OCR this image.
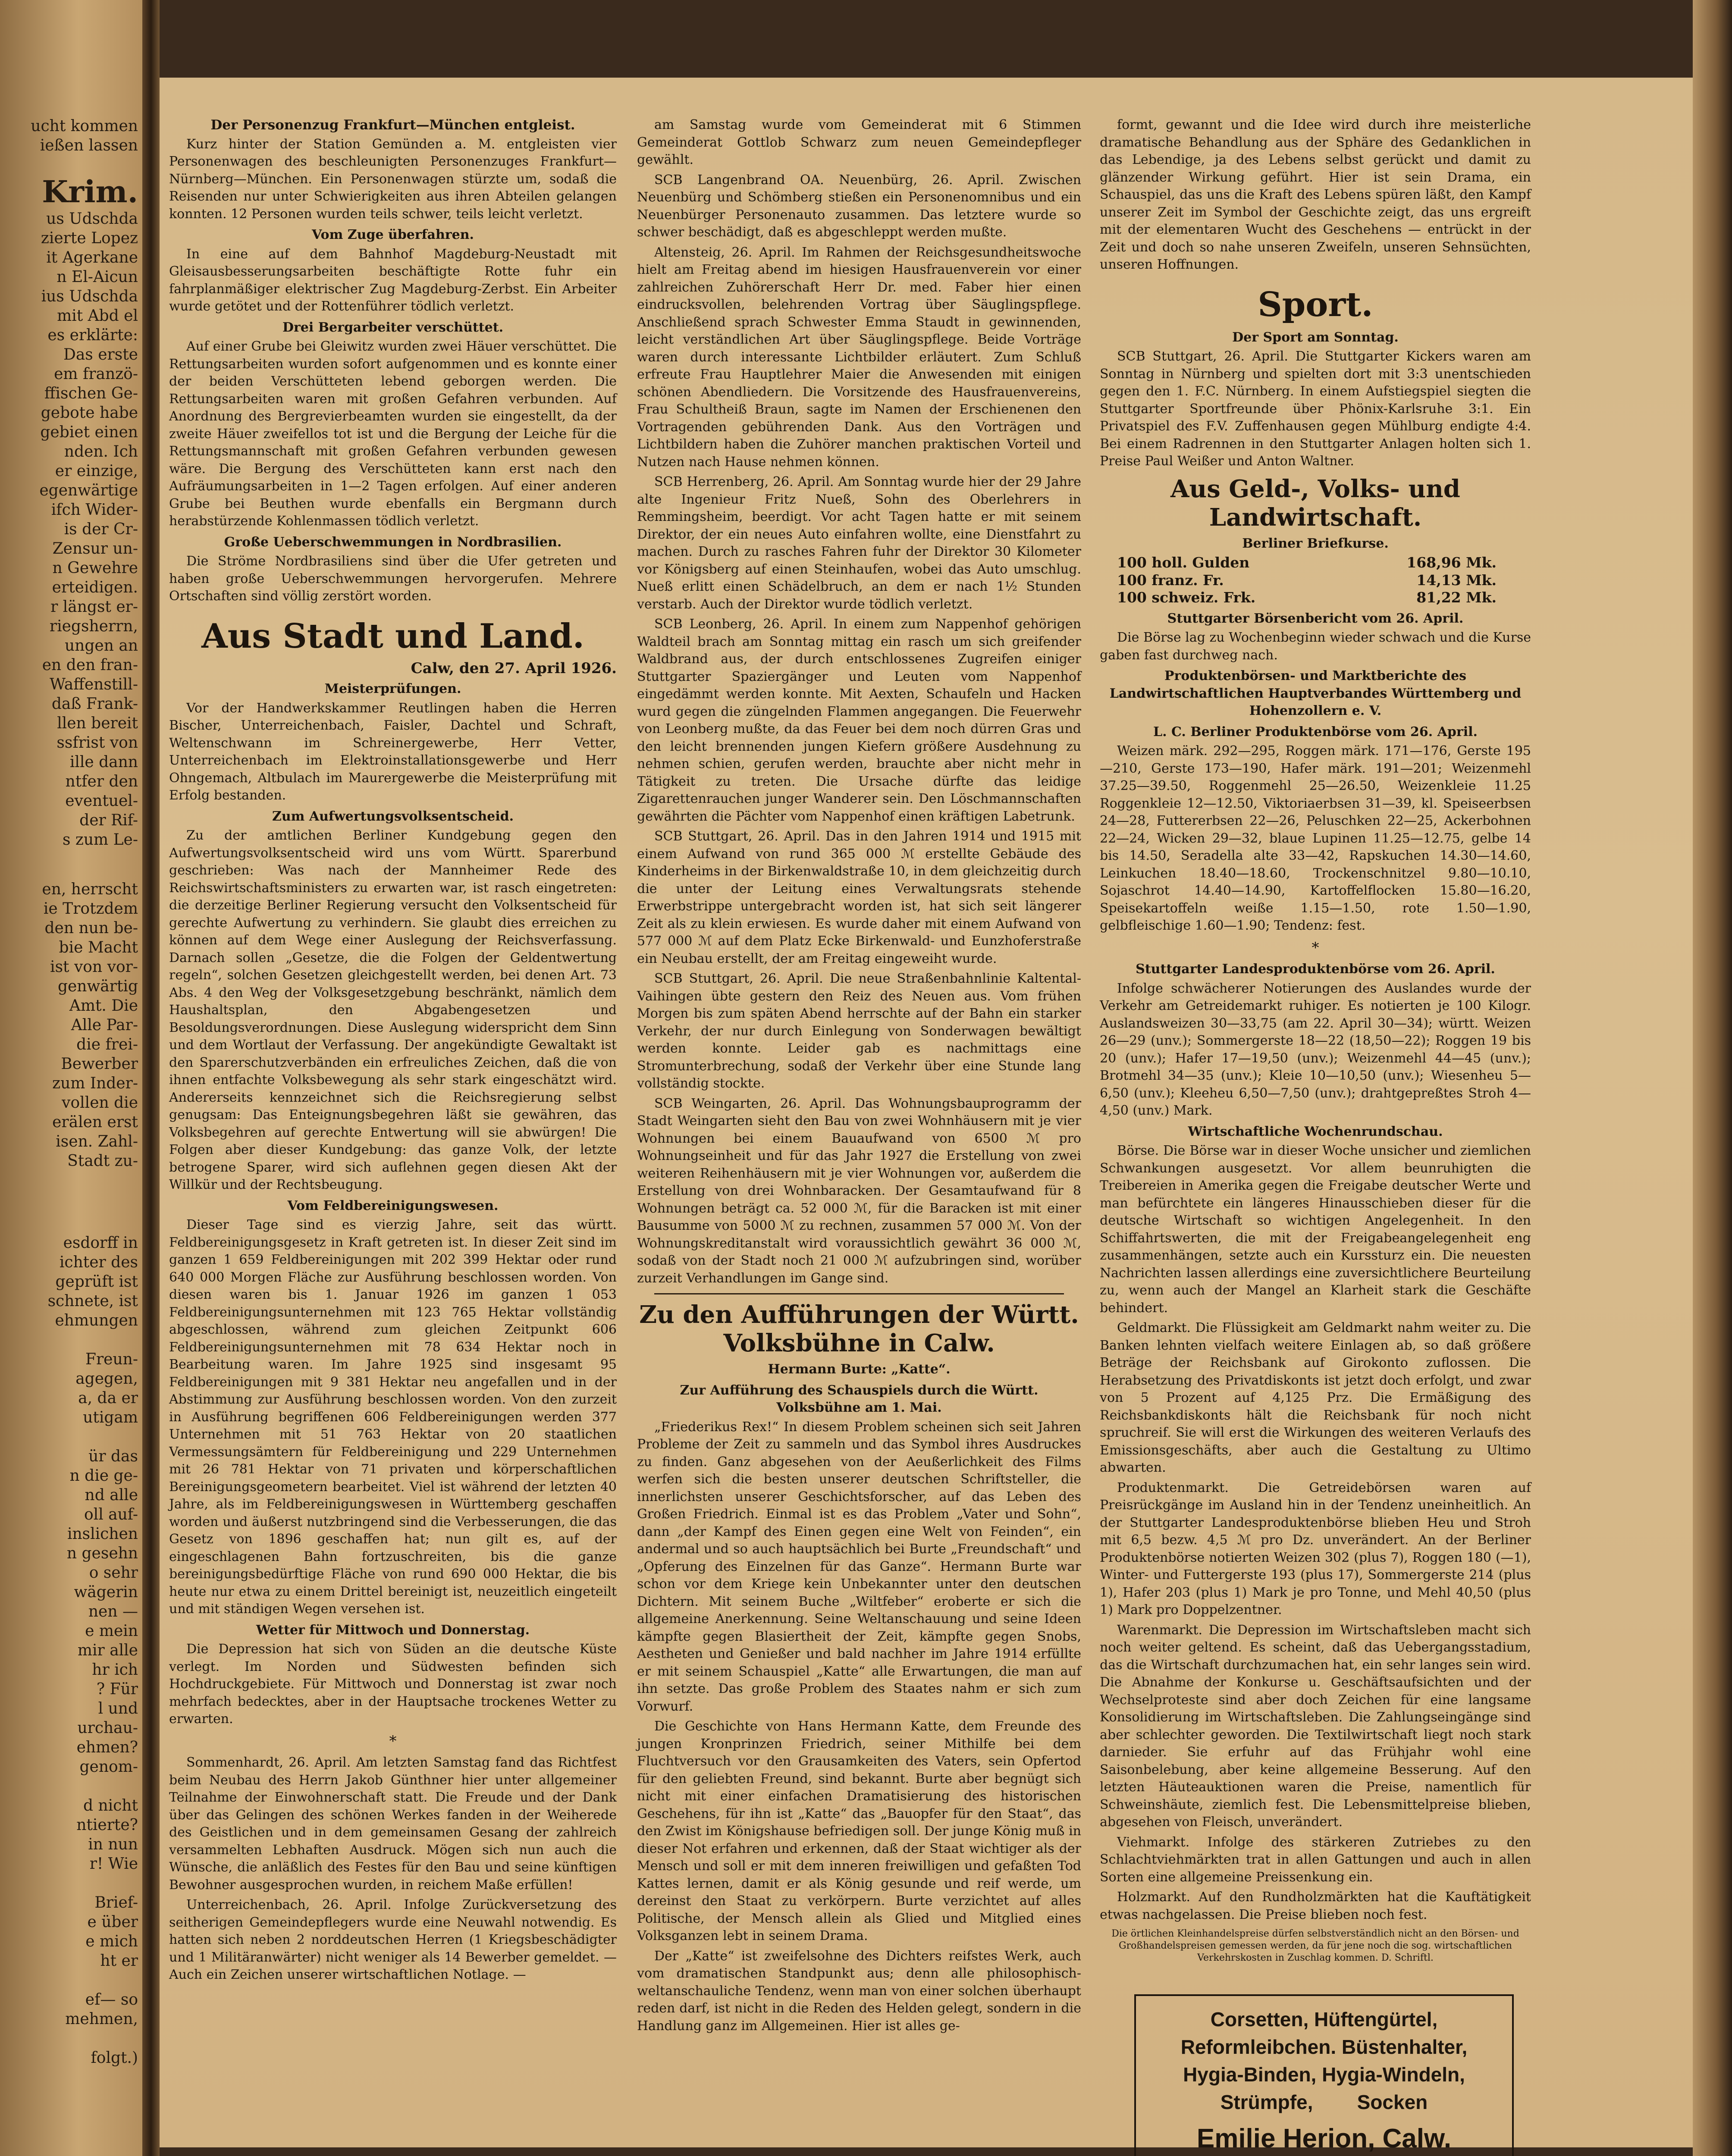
ucht kommen
ießen lassen

Krim.
us Udschda
zierte Lopez
it Agerkane
n El-Aicun
ius Udschda
mit Abd el
es erklärte:
Das erste
em franzö-
ffischen Ge-
gebote habe
gebiet einen
nden. Ich
er einzige,
egenwärtige
ifch Wider-
is der Cr-
Zensur un-
n Gewehre
erteidigen.
r längst er-
riegsherrn,
ungen an
en den fran-
Waffenstill-
daß Frank-
llen bereit
ssfrist von
ille dann
ntfer den
eventuel-
der Rif-
s zum Le-
en, herrscht
ie Trotzdem
den nun be-
bie Macht
ist von vor-
genwärtig
Amt. Die
Alle Par-
die frei-
Bewerber
zum Inder-
vollen die
erälen erst
isen. Zahl-
Stadt zu-
esdorff in
ichter des
geprüft ist
schnete, ist
ehmungen

Freun-
agegen,
a, da er
utigam

ür das
n die ge-
nd alle
oll auf-
inslichen
n gesehn
o sehr
wägerin
nen —
e mein
mir alle
hr ich
? Für
l und
urchau-
ehmen?
genom-

d nicht
ntierte?
in nun
r! Wie

Brief-
e über
e mich
ht er

ef— so
mehmen,

folgt.)
Der Personenzug Frankfurt—München entgleist.

Kurz hinter der Station Gemünden a. M. entgleisten vier Personenwagen des beschleunigten Personenzuges Frankfurt—Nürnberg—München. Ein Personenwagen stürzte um, sodaß die Reisenden nur unter Schwierigkeiten aus ihren Abteilen gelangen konnten. 12 Personen wurden teils schwer, teils leicht verletzt.

Vom Zuge überfahren.

In eine auf dem Bahnhof Magdeburg-Neustadt mit Gleisausbesserungsarbeiten beschäftigte Rotte fuhr ein fahrplanmäßiger elektrischer Zug Magdeburg-Zerbst. Ein Arbeiter wurde getötet und der Rottenführer tödlich verletzt.

Drei Bergarbeiter verschüttet.

Auf einer Grube bei Gleiwitz wurden zwei Häuer verschüttet. Die Rettungsarbeiten wurden sofort aufgenommen und es konnte einer der beiden Verschütteten lebend geborgen werden. Die Rettungsarbeiten waren mit großen Gefahren verbunden. Auf Anordnung des Bergrevierbeamten wurden sie eingestellt, da der zweite Häuer zweifellos tot ist und die Bergung der Leiche für die Rettungsmannschaft mit großen Gefahren verbunden gewesen wäre. Die Bergung des Verschütteten kann erst nach den Aufräumungsarbeiten in 1—2 Tagen erfolgen. Auf einer anderen Grube bei Beuthen wurde ebenfalls ein Bergmann durch herabstürzende Kohlenmassen tödlich verletzt.

Große Ueberschwemmungen in Nordbrasilien.

Die Ströme Nordbrasiliens sind über die Ufer getreten und haben große Ueberschwemmungen hervorgerufen. Mehrere Ortschaften sind völlig zerstört worden.

Aus Stadt und Land.
Calw, den 27. April 1926.
Meisterprüfungen.

Vor der Handwerkskammer Reutlingen haben die Herren Bischer, Unterreichenbach, Faisler, Dachtel und Schraft, Weltenschwann im Schreinergewerbe, Herr Vetter, Unterreichenbach im Elektroinstallationsgewerbe und Herr Ohngemach, Altbulach im Maurergewerbe die Meisterprüfung mit Erfolg bestanden.

Zum Aufwertungsvolksentscheid.

Zu der amtlichen Berliner Kundgebung gegen den Aufwertungsvolksentscheid wird uns vom Württ. Sparerbund geschrieben: Was nach der Mannheimer Rede des Reichswirtschaftsministers zu erwarten war, ist rasch eingetreten: die derzeitige Berliner Regierung versucht den Volksentscheid für gerechte Aufwertung zu verhindern. Sie glaubt dies erreichen zu können auf dem Wege einer Auslegung der Reichsverfassung. Darnach sollen „Gesetze, die die Folgen der Geldentwertung regeln“, solchen Gesetzen gleichgestellt werden, bei denen Art. 73 Abs. 4 den Weg der Volksgesetzgebung beschränkt, nämlich dem Haushaltsplan, den Abgabengesetzen und Besoldungsverordnungen. Diese Auslegung widerspricht dem Sinn und dem Wortlaut der Verfassung. Der angekündigte Gewaltakt ist den Sparerschutzverbänden ein erfreuliches Zeichen, daß die von ihnen entfachte Volksbewegung als sehr stark eingeschätzt wird. Andererseits kennzeichnet sich die Reichsregierung selbst genugsam: Das Enteignungsbegehren läßt sie gewähren, das Volksbegehren auf gerechte Entwertung will sie abwürgen! Die Folgen aber dieser Kundgebung: das ganze Volk, der letzte betrogene Sparer, wird sich auflehnen gegen diesen Akt der Willkür und der Rechtsbeugung.

Vom Feldbereinigungswesen.

Dieser Tage sind es vierzig Jahre, seit das württ. Feldbereinigungsgesetz in Kraft getreten ist. In dieser Zeit sind im ganzen 1 659 Feldbereinigungen mit 202 399 Hektar oder rund 640 000 Morgen Fläche zur Ausführung beschlossen worden. Von diesen waren bis 1. Januar 1926 im ganzen 1 053 Feldbereinigungsunternehmen mit 123 765 Hektar vollständig abgeschlossen, während zum gleichen Zeitpunkt 606 Feldbereinigungsunternehmen mit 78 634 Hektar noch in Bearbeitung waren. Im Jahre 1925 sind insgesamt 95 Feldbereinigungen mit 9 381 Hektar neu angefallen und in der Abstimmung zur Ausführung beschlossen worden. Von den zurzeit in Ausführung begriffenen 606 Feldbereinigungen werden 377 Unternehmen mit 51 763 Hektar von 20 staatlichen Vermessungsämtern für Feldbereinigung und 229 Unternehmen mit 26 781 Hektar von 71 privaten und körperschaftlichen Bereinigungsgeometern bearbeitet. Viel ist während der letzten 40 Jahre, als im Feldbereinigungswesen in Württemberg geschaffen worden und äußerst nutzbringend sind die Verbesserungen, die das Gesetz von 1896 geschaffen hat; nun gilt es, auf der eingeschlagenen Bahn fortzuschreiten, bis die ganze bereinigungsbedürftige Fläche von rund 690 000 Hektar, die bis heute nur etwa zu einem Drittel bereinigt ist, neuzeitlich eingeteilt und mit ständigen Wegen versehen ist.

Wetter für Mittwoch und Donnerstag.

Die Depression hat sich von Süden an die deutsche Küste verlegt. Im Norden und Südwesten befinden sich Hochdruckgebiete. Für Mittwoch und Donnerstag ist zwar noch mehrfach bedecktes, aber in der Hauptsache trockenes Wetter zu erwarten.

*

Sommenhardt, 26. April. Am letzten Samstag fand das Richtfest beim Neubau des Herrn Jakob Günthner hier unter allgemeiner Teilnahme der Einwohnerschaft statt. Die Freude und der Dank über das Gelingen des schönen Werkes fanden in der Weiherede des Geistlichen und in dem gemeinsamen Gesang der zahlreich versammelten Lebhaften Ausdruck. Mögen sich nun auch die Wünsche, die anläßlich des Festes für den Bau und seine künftigen Bewohner ausgesprochen wurden, in reichem Maße erfüllen!

Unterreichenbach, 26. April. Infolge Zurückversetzung des seitherigen Gemeindepflegers wurde eine Neuwahl notwendig. Es hatten sich neben 2 norddeutschen Herren (1 Kriegsbeschädigter und 1 Militäranwärter) nicht weniger als 14 Bewerber gemeldet. — Auch ein Zeichen unserer wirtschaftlichen Notlage. —

am Samstag wurde vom Gemeinderat mit 6 Stimmen Gemeinderat Gottlob Schwarz zum neuen Gemeindepfleger gewählt.

SCB Langenbrand OA. Neuenbürg, 26. April. Zwischen Neuenbürg und Schömberg stießen ein Personenomnibus und ein Neuenbürger Personenauto zusammen. Das letztere wurde so schwer beschädigt, daß es abgeschleppt werden mußte.

Altensteig, 26. April. Im Rahmen der Reichsgesundheitswoche hielt am Freitag abend im hiesigen Hausfrauenverein vor einer zahlreichen Zuhörerschaft Herr Dr. med. Faber hier einen eindrucksvollen, belehrenden Vortrag über Säuglingspflege. Anschließend sprach Schwester Emma Staudt in gewinnenden, leicht verständlichen Art über Säuglingspflege. Beide Vorträge waren durch interessante Lichtbilder erläutert. Zum Schluß erfreute Frau Hauptlehrer Maier die Anwesenden mit einigen schönen Abendliedern. Die Vorsitzende des Hausfrauenvereins, Frau Schultheiß Braun, sagte im Namen der Erschienenen den Vortragenden gebührenden Dank. Aus den Vorträgen und Lichtbildern haben die Zuhörer manchen praktischen Vorteil und Nutzen nach Hause nehmen können.

SCB Herrenberg, 26. April. Am Sonntag wurde hier der 29 Jahre alte Ingenieur Fritz Nueß, Sohn des Oberlehrers in Remmingsheim, beerdigt. Vor acht Tagen hatte er mit seinem Direktor, der ein neues Auto einfahren wollte, eine Dienstfahrt zu machen. Durch zu rasches Fahren fuhr der Direktor 30 Kilometer vor Königsberg auf einen Steinhaufen, wobei das Auto umschlug. Nueß erlitt einen Schädelbruch, an dem er nach 1½ Stunden verstarb. Auch der Direktor wurde tödlich verletzt.

SCB Leonberg, 26. April. In einem zum Nappenhof gehörigen Waldteil brach am Sonntag mittag ein rasch um sich greifender Waldbrand aus, der durch entschlossenes Zugreifen einiger Stuttgarter Spaziergänger und Leuten vom Nappenhof eingedämmt werden konnte. Mit Aexten, Schaufeln und Hacken wurd gegen die züngelnden Flammen angegangen. Die Feuerwehr von Leonberg mußte, da das Feuer bei dem noch dürren Gras und den leicht brennenden jungen Kiefern größere Ausdehnung zu nehmen schien, gerufen werden, brauchte aber nicht mehr in Tätigkeit zu treten. Die Ursache dürfte das leidige Zigarettenrauchen junger Wanderer sein. Den Löschmannschaften gewährten die Pächter vom Nappenhof einen kräftigen Labetrunk.

SCB Stuttgart, 26. April. Das in den Jahren 1914 und 1915 mit einem Aufwand von rund 365 000 ℳ erstellte Gebäude des Kinderheims in der Birkenwaldstraße 10, in dem gleichzeitig durch die unter der Leitung eines Verwaltungsrats stehende Erwerbstrippe untergebracht worden ist, hat sich seit längerer Zeit als zu klein erwiesen. Es wurde daher mit einem Aufwand von 577 000 ℳ auf dem Platz Ecke Birkenwald- und Eunzhoferstraße ein Neubau erstellt, der am Freitag eingeweiht wurde.

SCB Stuttgart, 26. April. Die neue Straßenbahnlinie Kaltental-Vaihingen übte gestern den Reiz des Neuen aus. Vom frühen Morgen bis zum späten Abend herrschte auf der Bahn ein starker Verkehr, der nur durch Einlegung von Sonderwagen bewältigt werden konnte. Leider gab es nachmittags eine Stromunterbrechung, sodaß der Verkehr über eine Stunde lang vollständig stockte.

SCB Weingarten, 26. April. Das Wohnungsbauprogramm der Stadt Weingarten sieht den Bau von zwei Wohnhäusern mit je vier Wohnungen bei einem Bauaufwand von 6500 ℳ pro Wohnungseinheit und für das Jahr 1927 die Erstellung von zwei weiteren Reihenhäusern mit je vier Wohnungen vor, außerdem die Erstellung von drei Wohnbaracken. Der Gesamtaufwand für 8 Wohnungen beträgt ca. 52 000 ℳ, für die Baracken ist mit einer Bausumme von 5000 ℳ zu rechnen, zusammen 57 000 ℳ. Von der Wohnungskreditanstalt wird voraussichtlich gewährt 36 000 ℳ, sodaß von der Stadt noch 21 000 ℳ aufzubringen sind, worüber zurzeit Verhandlungen im Gange sind.

Zu den Aufführungen der Württ. Volksbühne in Calw.
Hermann Burte: „Katte“.
Zur Aufführung des Schauspiels durch die Württ. Volksbühne am 1. Mai.

„Friederikus Rex!“ In diesem Problem scheinen sich seit Jahren Probleme der Zeit zu sammeln und das Symbol ihres Ausdruckes zu finden. Ganz abgesehen von der Aeußerlichkeit des Films werfen sich die besten unserer deutschen Schriftsteller, die innerlichsten unserer Geschichtsforscher, auf das Leben des Großen Friedrich. Einmal ist es das Problem „Vater und Sohn“, dann „der Kampf des Einen gegen eine Welt von Feinden“, ein andermal und so auch hauptsächlich bei Burte „Freundschaft“ und „Opferung des Einzelnen für das Ganze“. Hermann Burte war schon vor dem Kriege kein Unbekannter unter den deutschen Dichtern. Mit seinem Buche „Wiltfeber“ eroberte er sich die allgemeine Anerkennung. Seine Weltanschauung und seine Ideen kämpfte gegen Blasiertheit der Zeit, kämpfte gegen Snobs, Aestheten und Genießer und bald nachher im Jahre 1914 erfüllte er mit seinem Schauspiel „Katte“ alle Erwartungen, die man auf ihn setzte. Das große Problem des Staates nahm er sich zum Vorwurf.

Die Geschichte von Hans Hermann Katte, dem Freunde des jungen Kronprinzen Friedrich, seiner Mithilfe bei dem Fluchtversuch vor den Grausamkeiten des Vaters, sein Opfertod für den geliebten Freund, sind bekannt. Burte aber begnügt sich nicht mit einer einfachen Dramatisierung des historischen Geschehens, für ihn ist „Katte“ das „Bauopfer für den Staat“, das den Zwist im Königshause befriedigen soll. Der junge König muß in dieser Not erfahren und erkennen, daß der Staat wichtiger als der Mensch und soll er mit dem inneren freiwilligen und gefaßten Tod Kattes lernen, damit er als König gesunde und reif werde, um dereinst den Staat zu verkörpern. Burte verzichtet auf alles Politische, der Mensch allein als Glied und Mitglied eines Volksganzen lebt in seinem Drama.

Der „Katte“ ist zweifelsohne des Dichters reifstes Werk, auch vom dramatischen Standpunkt aus; denn alle philosophisch-weltanschauliche Tendenz, wenn man von einer solchen überhaupt reden darf, ist nicht in die Reden des Helden gelegt, sondern in die Handlung ganz im Allgemeinen. Hier ist alles ge-

formt, gewannt und die Idee wird durch ihre meisterliche dramatische Behandlung aus der Sphäre des Gedanklichen in das Lebendige, ja des Lebens selbst gerückt und damit zu glänzender Wirkung geführt. Hier ist sein Drama, ein Schauspiel, das uns die Kraft des Lebens spüren läßt, den Kampf unserer Zeit im Symbol der Geschichte zeigt, das uns ergreift mit der elementaren Wucht des Geschehens — entrückt in der Zeit und doch so nahe unseren Zweifeln, unseren Sehnsüchten, unseren Hoffnungen.

Sport.
Der Sport am Sonntag.

SCB Stuttgart, 26. April. Die Stuttgarter Kickers waren am Sonntag in Nürnberg und spielten dort mit 3:3 unentschieden gegen den 1. F.C. Nürnberg. In einem Aufstiegspiel siegten die Stuttgarter Sportfreunde über Phönix-Karlsruhe 3:1. Ein Privatspiel des F.V. Zuffenhausen gegen Mühlburg endigte 4:4. Bei einem Radrennen in den Stuttgarter Anlagen holten sich 1. Preise Paul Weißer und Anton Waltner.

Aus Geld-, Volks- und Landwirtschaft.
Berliner Briefkurse.
100 holl. Gulden	168,96 Mk.
100 franz. Fr.	14,13 Mk.
100 schweiz. Frk.	81,22 Mk.
Stuttgarter Börsenbericht vom 26. April.

Die Börse lag zu Wochenbeginn wieder schwach und die Kurse gaben fast durchweg nach.

Produktenbörsen- und Marktberichte des Landwirtschaftlichen Hauptverbandes Württemberg und Hohenzollern e. V.
L. C. Berliner Produktenbörse vom 26. April.

Weizen märk. 292—295, Roggen märk. 171—176, Gerste 195—210, Gerste 173—190, Hafer märk. 191—201; Weizenmehl 37.25—39.50, Roggenmehl 25—26.50, Weizenkleie 11.25 Roggenkleie 12—12.50, Viktoriaerbsen 31—39, kl. Speiseerbsen 24—28, Futtererbsen 22—26, Peluschken 22—25, Ackerbohnen 22—24, Wicken 29—32, blaue Lupinen 11.25—12.75, gelbe 14 bis 14.50, Seradella alte 33—42, Rapskuchen 14.30—14.60, Leinkuchen 18.40—18.60, Trockenschnitzel 9.80—10.10, Sojaschrot 14.40—14.90, Kartoffelflocken 15.80—16.20, Speisekartoffeln weiße 1.15—1.50, rote 1.50—1.90, gelbfleischige 1.60—1.90; Tendenz: fest.

*
Stuttgarter Landesproduktenbörse vom 26. April.

Infolge schwächerer Notierungen des Auslandes wurde der Verkehr am Getreidemarkt ruhiger. Es notierten je 100 Kilogr. Auslandsweizen 30—33,75 (am 22. April 30—34); württ. Weizen 26—29 (unv.); Sommergerste 18—22 (18,50—22); Roggen 19 bis 20 (unv.); Hafer 17—19,50 (unv.); Weizenmehl 44—45 (unv.); Brotmehl 34—35 (unv.); Kleie 10—10,50 (unv.); Wiesenheu 5—6,50 (unv.); Kleeheu 6,50—7,50 (unv.); drahtgepreßtes Stroh 4—4,50 (unv.) Mark.

Wirtschaftliche Wochenrundschau.

Börse. Die Börse war in dieser Woche unsicher und ziemlichen Schwankungen ausgesetzt. Vor allem beunruhigten die Treibereien in Amerika gegen die Freigabe deutscher Werte und man befürchtete ein längeres Hinausschieben dieser für die deutsche Wirtschaft so wichtigen Angelegenheit. In den Schiffahrtswerten, die mit der Freigabeangelegenheit eng zusammenhängen, setzte auch ein Kurssturz ein. Die neuesten Nachrichten lassen allerdings eine zuversichtlichere Beurteilung zu, wenn auch der Mangel an Klarheit stark die Geschäfte behindert.

Geldmarkt. Die Flüssigkeit am Geldmarkt nahm weiter zu. Die Banken lehnten vielfach weitere Einlagen ab, so daß größere Beträge der Reichsbank auf Girokonto zuflossen. Die Herabsetzung des Privatdiskonts ist jetzt doch erfolgt, und zwar von 5 Prozent auf 4,125 Prz. Die Ermäßigung des Reichsbankdiskonts hält die Reichsbank für noch nicht spruchreif. Sie will erst die Wirkungen des weiteren Verlaufs des Emissionsgeschäfts, aber auch die Gestaltung zu Ultimo abwarten.

Produktenmarkt. Die Getreidebörsen waren auf Preisrückgänge im Ausland hin in der Tendenz uneinheitlich. An der Stuttgarter Landesproduktenbörse blieben Heu und Stroh mit 6,5 bezw. 4,5 ℳ pro Dz. unverändert. An der Berliner Produktenbörse notierten Weizen 302 (plus 7), Roggen 180 (—1), Winter- und Futtergerste 193 (plus 17), Sommergerste 214 (plus 1), Hafer 203 (plus 1) Mark je pro Tonne, und Mehl 40,50 (plus 1) Mark pro Doppelzentner.

Warenmarkt. Die Depression im Wirtschaftsleben macht sich noch weiter geltend. Es scheint, daß das Uebergangsstadium, das die Wirtschaft durchzumachen hat, ein sehr langes sein wird. Die Abnahme der Konkurse u. Geschäftsaufsichten und der Wechselproteste sind aber doch Zeichen für eine langsame Konsolidierung im Wirtschaftsleben. Die Zahlungseingänge sind aber schlechter geworden. Die Textilwirtschaft liegt noch stark darnieder. Sie erfuhr auf das Frühjahr wohl eine Saisonbelebung, aber keine allgemeine Besserung. Auf den letzten Häuteauktionen waren die Preise, namentlich für Schweinshäute, ziemlich fest. Die Lebensmittelpreise blieben, abgesehen von Fleisch, unverändert.

Viehmarkt. Infolge des stärkeren Zutriebes zu den Schlachtviehmärkten trat in allen Gattungen und auch in allen Sorten eine allgemeine Preissenkung ein.

Holzmarkt. Auf den Rundholzmärkten hat die Kauftätigkeit etwas nachgelassen. Die Preise blieben noch fest.

Die örtlichen Kleinhandelspreise dürfen selbstverständlich nicht an den Börsen- und Großhandelspreisen gemessen werden, da für jene noch die sog. wirtschaftlichen Verkehrskosten in Zuschlag kommen. D. Schriftl.
Corsetten, Hüftengürtel,
Reformleibchen. Büstenhalter,
Hygia-Binden, Hygia-Windeln,
Strümpfe,        Socken
Emilie Herion, Calw.
